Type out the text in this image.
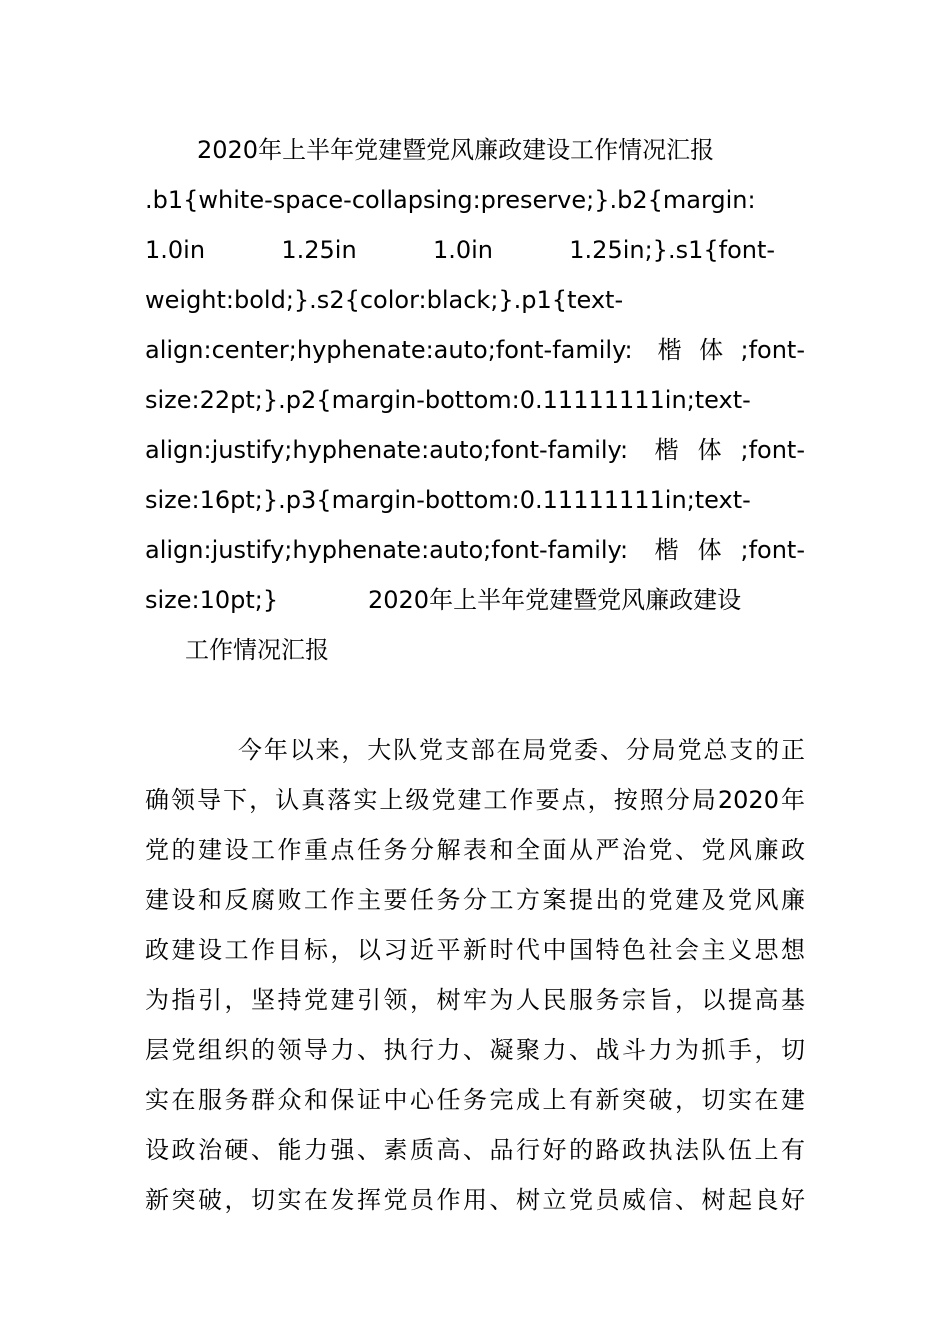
2020年上半年党建暨党风廉政建设工作情况汇报
.b1{white-space-collapsing:preserve;}.b2{margin:
1.0in          1.25in          1.0in          1.25in;}.s1{font-
weight:bold;}.s2{color:black;}.p1{text-
align:center;hyphenate:auto;font-family: 楷体;font-
size:22pt;}.p2{margin-bottom:0.11111111in;text-
align:justify;hyphenate:auto;font-family: 楷体;font-
size:16pt;}.p3{margin-bottom:0.11111111in;text-
align:justify;hyphenate:auto;font-family: 楷体;font-
size:10pt;}	2020年上半年党建暨党风廉政建设
工作情况汇报
今年以来，大队党支部在局党委、分局党总支的正
确领导下，认真落实上级党建工作要点，按照分局2020年
党的建设工作重点任务分解表和全面从严治党、党风廉政
建设和反腐败工作主要任务分工方案提出的党建及党风廉
政建设工作目标，以习近平新时代中国特色社会主义思想
为指引，坚持党建引领，树牢为人民服务宗旨，以提高基
层党组织的领导力、执行力、凝聚力、战斗力为抓手，切
实在服务群众和保证中心任务完成上有新突破，切实在建
设政治硬、能力强、素质高、品行好的路政执法队伍上有
新突破，切实在发挥党员作用、树立党员威信、树起良好
